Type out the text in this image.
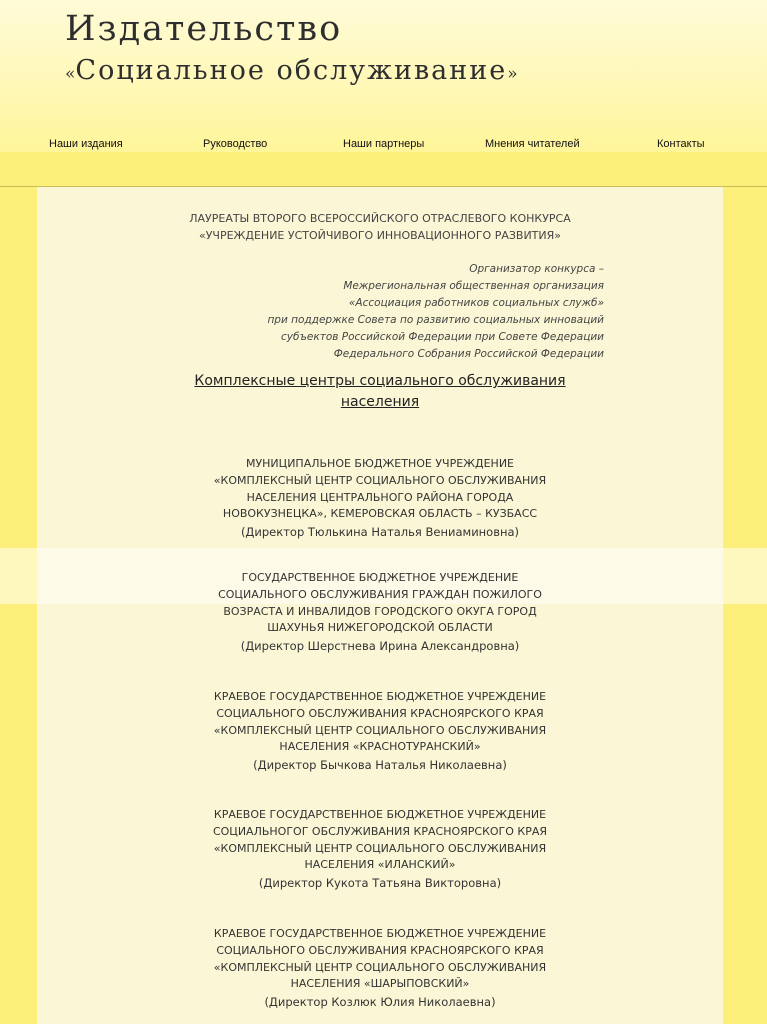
Издательство
«Социальное обслуживание»
Наши издания	Руководство	Наши партнеры	Мнения читателей	Контакты
ЛАУРЕАТЫ ВТОРОГО ВСЕРОССИЙСКОГО ОТРАСЛЕВОГО КОНКУРСА
«УЧРЕЖДЕНИЕ УСТОЙЧИВОГО ИННОВАЦИОННОГО РАЗВИТИЯ»
Организатор конкурса –
Межрегиональная общественная организация
«Ассоциация работников социальных служб»
при поддержке Совета по развитию социальных инноваций
субъектов Российской Федерации при Совете Федерации
Федерального Собрания Российской Федерации
Комплексные центры социального обслуживания
населения
МУНИЦИПАЛЬНОЕ БЮДЖЕТНОЕ УЧРЕЖДЕНИЕ
«КОМПЛЕКСНЫЙ ЦЕНТР СОЦИАЛЬНОГО ОБСЛУЖИВАНИЯ
НАСЕЛЕНИЯ ЦЕНТРАЛЬНОГО РАЙОНА ГОРОДА
НОВОКУЗНЕЦКА», КЕМЕРОВСКАЯ ОБЛАСТЬ – КУЗБАСС
(Директор Тюлькина Наталья Вениаминовна)
ГОСУДАРСТВЕННОЕ БЮДЖЕТНОЕ УЧРЕЖДЕНИЕ
СОЦИАЛЬНОГО ОБСЛУЖИВАНИЯ ГРАЖДАН ПОЖИЛОГО
ВОЗРАСТА И ИНВАЛИДОВ ГОРОДСКОГО ОКУГА ГОРОД
ШАХУНЬЯ НИЖЕГОРОДСКОЙ ОБЛАСТИ
(Директор Шерстнева Ирина Александровна)
КРАЕВОЕ ГОСУДАРСТВЕННОЕ БЮДЖЕТНОЕ УЧРЕЖДЕНИЕ
СОЦИАЛЬНОГО ОБСЛУЖИВАНИЯ КРАСНОЯРСКОГО КРАЯ
«КОМПЛЕКСНЫЙ ЦЕНТР СОЦИАЛЬНОГО ОБСЛУЖИВАНИЯ
НАСЕЛЕНИЯ «КРАСНОТУРАНСКИЙ»
(Директор Бычкова Наталья Николаевна)
КРАЕВОЕ ГОСУДАРСТВЕННОЕ БЮДЖЕТНОЕ УЧРЕЖДЕНИЕ
СОЦИАЛЬНОГОГ ОБСЛУЖИВАНИЯ КРАСНОЯРСКОГО КРАЯ
«КОМПЛЕКСНЫЙ ЦЕНТР СОЦИАЛЬНОГО ОБСЛУЖИВАНИЯ
НАСЕЛЕНИЯ «ИЛАНСКИЙ»
(Директор Кукота Татьяна Викторовна)
КРАЕВОЕ ГОСУДАРСТВЕННОЕ БЮДЖЕТНОЕ УЧРЕЖДЕНИЕ
СОЦИАЛЬНОГО ОБСЛУЖИВАНИЯ КРАСНОЯРСКОГО КРАЯ
«КОМПЛЕКСНЫЙ ЦЕНТР СОЦИАЛЬНОГО ОБСЛУЖИВАНИЯ
НАСЕЛЕНИЯ «ШАРЫПОВСКИЙ»
(Директор Козлюк Юлия Николаевна)
